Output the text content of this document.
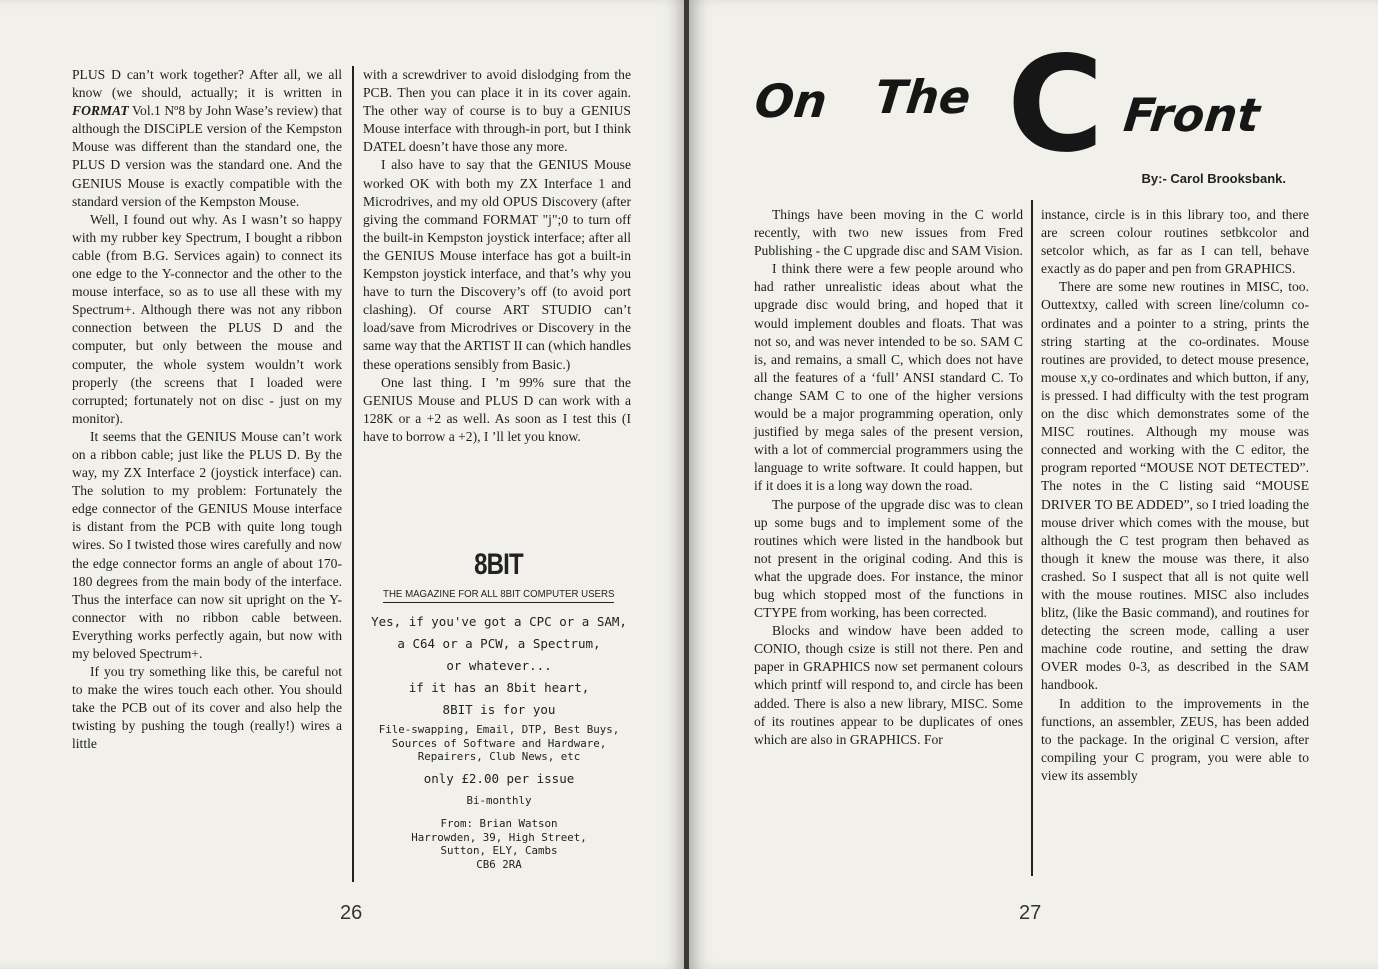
PLUS D can’t work together? After all, we all know (we should, actually; it is written in FORMAT Vol.1 Nº8 by John Wase’s review) that although the DISCiPLE version of the Kempston Mouse was different than the standard one, the PLUS D version was the standard one. And the GENIUS Mouse is exactly compatible with the standard version of the Kempston Mouse.

Well, I found out why. As I wasn’t so happy with my rubber key Spectrum, I bought a ribbon cable (from B.G. Services again) to connect its one edge to the Y-connector and the other to the mouse interface, so as to use all these with my Spectrum+. Although there was not any ribbon connection between the PLUS D and the computer, but only between the mouse and computer, the whole system wouldn’t work properly (the screens that I loaded were corrupted; fortunately not on disc - just on my monitor).

It seems that the GENIUS Mouse can’t work on a ribbon cable; just like the PLUS D. By the way, my ZX Interface 2 (joystick interface) can. The solution to my problem: Fortunately the edge connector of the GENIUS Mouse interface is distant from the PCB with quite long tough wires. So I twisted those wires carefully and now the edge connector forms an angle of about 170-180 degrees from the main body of the interface. Thus the interface can now sit upright on the Y-connector with no ribbon cable between. Everything works perfectly again, but now with my beloved Spectrum+.

If you try something like this, be careful not to make the wires touch each other. You should take the PCB out of its cover and also help the twisting by pushing the tough (really!) wires a little

with a screwdriver to avoid dislodging from the PCB. Then you can place it in its cover again. The other way of course is to buy a GENIUS Mouse interface with through-in port, but I think DATEL doesn’t have those any more.

I also have to say that the GENIUS Mouse worked OK with both my ZX Interface 1 and Microdrives, and my old OPUS Discovery (after giving the command FORMAT "j";0 to turn off the built-in Kempston joystick interface; after all the GENIUS Mouse interface has got a built-in Kempston joystick interface, and that’s why you have to turn the Discovery’s off (to avoid port clashing). Of course ART STUDIO can’t load/save from Microdrives or Discovery in the same way that the ARTIST II can (which handles these operations sensibly from Basic.)

One last thing. I ’m 99% sure that the GENIUS Mouse and PLUS D can work with a 128K or a +2 as well. As soon as I test this (I have to borrow a +2), I ’ll let you know.

8BIT
THE MAGAZINE FOR ALL 8BIT COMPUTER USERS
Yes, if you've got a CPC or a SAM,
a C64 or a PCW, a Spectrum,
or whatever...
if it has an 8bit heart,
8BIT is for you
File-swapping, Email, DTP, Best Buys,
Sources of Software and Hardware,
Repairers, Club News, etc
only £2.00 per issue
Bi-monthly
From: Brian Watson
Harrowden, 39, High Street,
Sutton, ELY, Cambs
CB6 2RA
26
On The C Front
By:- Carol Brooksbank.

Things have been moving in the C world recently, with two new issues from Fred Publishing - the C upgrade disc and SAM Vision.

I think there were a few people around who had rather unrealistic ideas about what the upgrade disc would bring, and hoped that it would implement doubles and floats. That was not so, and was never intended to be so. SAM C is, and remains, a small C, which does not have all the features of a ‘full’ ANSI standard C. To change SAM C to one of the higher versions would be a major programming operation, only justified by mega sales of the present version, with a lot of commercial programmers using the language to write software. It could happen, but if it does it is a long way down the road.

The purpose of the upgrade disc was to clean up some bugs and to implement some of the routines which were listed in the handbook but not present in the original coding. And this is what the upgrade does. For instance, the minor bug which stopped most of the functions in CTYPE from working, has been corrected.

Blocks and window have been added to CONIO, though csize is still not there. Pen and paper in GRAPHICS now set permanent colours which printf will respond to, and circle has been added. There is also a new library, MISC. Some of its routines appear to be duplicates of ones which are also in GRAPHICS. For

instance, circle is in this library too, and there are screen colour routines setbkcolor and setcolor which, as far as I can tell, behave exactly as do paper and pen from GRAPHICS.

There are some new routines in MISC, too. Outtextxy, called with screen line/column co-ordinates and a pointer to a string, prints the string starting at the co-ordinates. Mouse routines are provided, to detect mouse presence, mouse x,y co-ordinates and which button, if any, is pressed. I had difficulty with the test program on the disc which demonstrates some of the MISC routines. Although my mouse was connected and working with the C editor, the program reported “MOUSE NOT DETECTED”. The notes in the C listing said “MOUSE DRIVER TO BE ADDED”, so I tried loading the mouse driver which comes with the mouse, but although the C test program then behaved as though it knew the mouse was there, it also crashed. So I suspect that all is not quite well with the mouse routines. MISC also includes blitz, (like the Basic command), and routines for detecting the screen mode, calling a user machine code routine, and setting the draw OVER modes 0-3, as described in the SAM handbook.

In addition to the improvements in the functions, an assembler, ZEUS, has been added to the package. In the original C version, after compiling your C program, you were able to view its assembly

27
